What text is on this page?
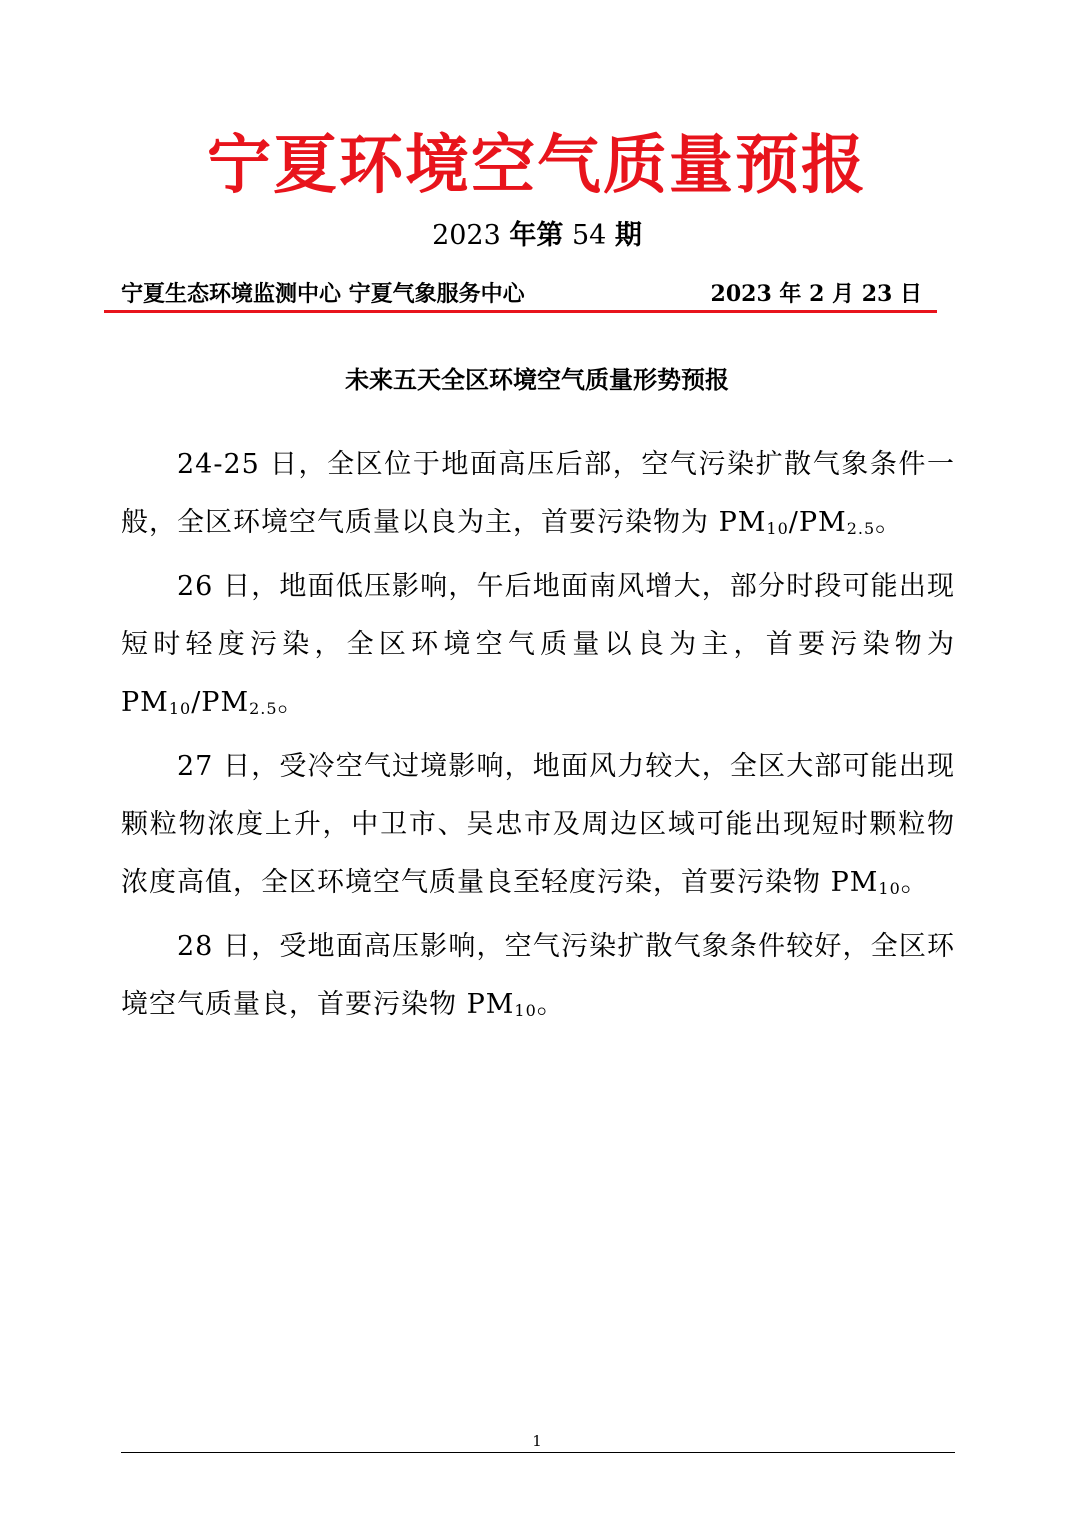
宁夏环境空气质量预报
2023 年第 54 期
宁夏生态环境监测中心 宁夏气象服务中心	2023 年 2 月 23 日
未来五天全区环境空气质量形势预报

24-25 日，全区位于地面高压后部，空气污染扩散气象条件一般，全区环境空气质量以良为主，首要污染物为 $PM_{10}/PM_{2.5}$。

26 日，地面低压影响，午后地面南风增大，部分时段可能出现短时轻度污染，全区环境空气质量以良为主，首要污染物为 $PM_{10}/PM_{2.5}$。

27 日，受冷空气过境影响，地面风力较大，全区大部可能出现颗粒物浓度上升，中卫市、吴忠市及周边区域可能出现短时颗粒物浓度高值，全区环境空气质量良至轻度污染，首要污染物 $PM_{10}$。

28 日，受地面高压影响，空气污染扩散气象条件较好，全区环境空气质量良，首要污染物 $PM_{10}$。

1
